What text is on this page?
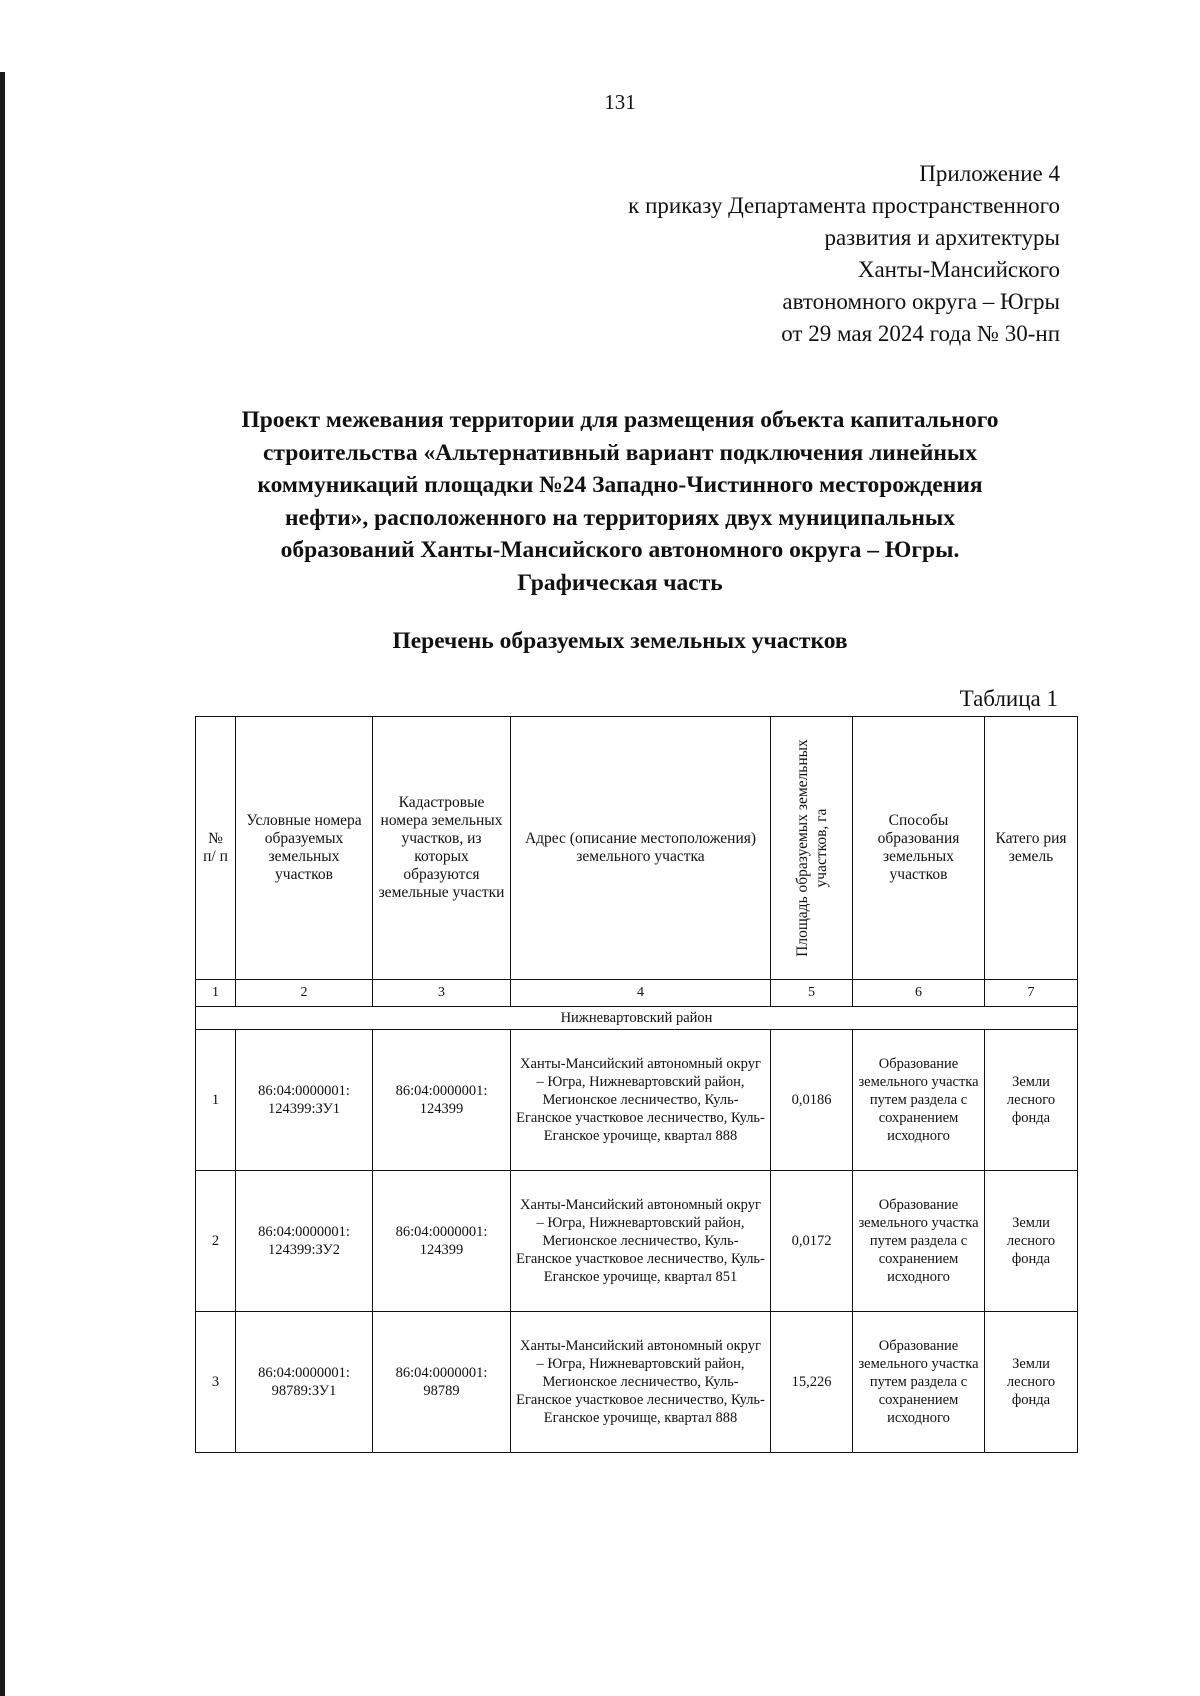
131
Приложение 4
к приказу Департамента пространственного
развития и архитектуры
Ханты-Мансийского
автономного округа – Югры
от 29 мая 2024 года № 30-нп
Проект межевания территории для размещения объекта капитального
строительства «Альтернативный вариант подключения линейных
коммуникаций площадки №24 Западно-Чистинного месторождения
нефти», расположенного на территориях двух муниципальных
образований Ханты-Мансийского автономного округа – Югры.
Графическая часть
Перечень образуемых земельных участков
Таблица 1
№ п/ п	Условные номера образуемых земельных участков	Кадастровые номера земельных участков, из которых образуются земельные участки	Адрес (описание местоположения) земельного участка	Площадь образуемых земельных участков, га	Способы образования земельных участков	Катего рия земель
1	2	3	4	5	6	7
Нижневартовский район						
1	86:04:0000001: 124399:ЗУ1	86:04:0000001: 124399	Ханты-Мансийский автономный округ – Югра, Нижневартовский район, Мегионское лесничество, Куль-Еганское участковое лесничество, Куль-Еганское урочище, квартал 888	0,0186	Образование земельного участка путем раздела с сохранением исходного	Земли лесного фонда
2	86:04:0000001: 124399:ЗУ2	86:04:0000001: 124399	Ханты-Мансийский автономный округ – Югра, Нижневартовский район, Мегионское лесничество, Куль-Еганское участковое лесничество, Куль-Еганское урочище, квартал 851	0,0172	Образование земельного участка путем раздела с сохранением исходного	Земли лесного фонда
3	86:04:0000001: 98789:ЗУ1	86:04:0000001: 98789	Ханты-Мансийский автономный округ – Югра, Нижневартовский район, Мегионское лесничество, Куль-Еганское участковое лесничество, Куль-Еганское урочище, квартал 888	15,226	Образование земельного участка путем раздела с сохранением исходного	Земли лесного фонда
